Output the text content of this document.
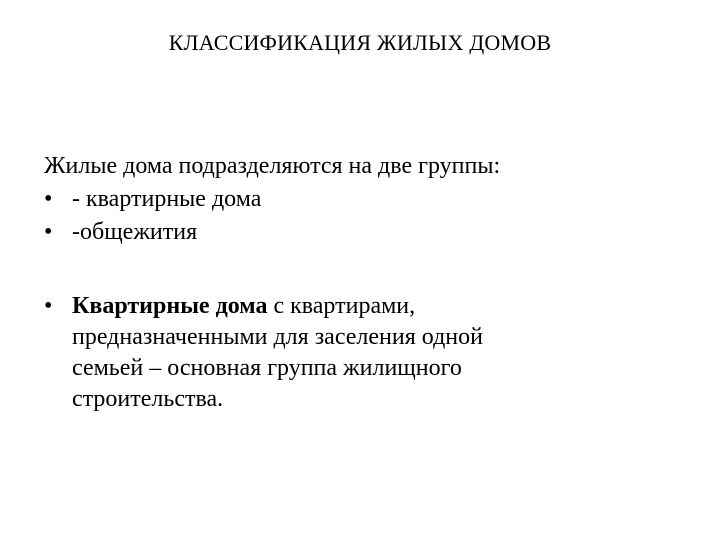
КЛАССИФИКАЦИЯ ЖИЛЫХ ДОМОВ

Жилые дома подразделяются на две группы:

• - квартирные дома
• -общежития

• Квартирные дома с квартирами,
предназначенными для заселения одной
семьей – основная группа жилищного
строительства.
